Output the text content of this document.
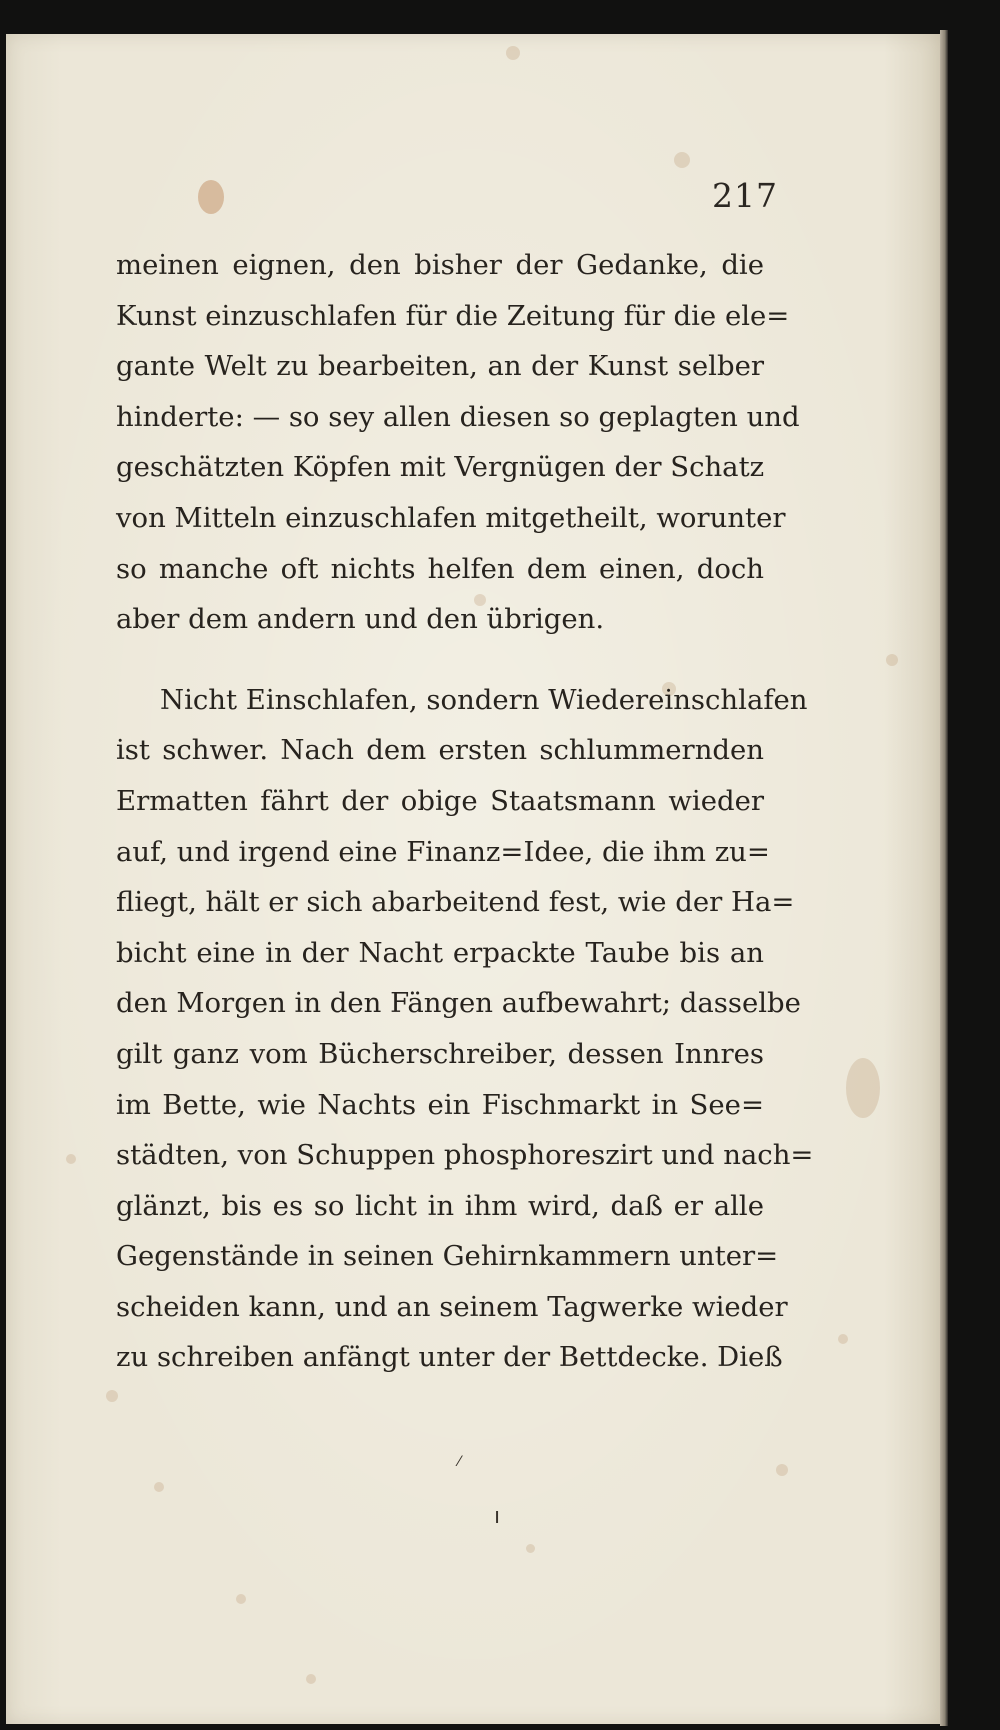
ı
⁄
217
meinen eignen, den bisher der Gedanke, die
Kunst einzuschlafen für die Zeitung für die ele=
gante Welt zu bearbeiten, an der Kunst selber
hinderte: — so sey allen diesen so geplagten und
geschätzten Köpfen mit Vergnügen der Schatz
von Mitteln einzuschlafen mitgetheilt, worunter
so manche oft nichts helfen dem einen, doch
aber dem andern und den übrigen.
Nicht Einschlafen, sondern Wiedereinschlafen
ist schwer. Nach dem ersten schlummernden
Ermatten fährt der obige Staatsmann wieder
auf, und irgend eine Finanz=Idee, die ihm zu=
fliegt, hält er sich abarbeitend fest, wie der Ha=
bicht eine in der Nacht erpackte Taube bis an
den Morgen in den Fängen aufbewahrt; dasselbe
gilt ganz vom Bücherschreiber, dessen Innres
im Bette, wie Nachts ein Fischmarkt in See=
städten, von Schuppen phosphoreszirt und nach=
glänzt, bis es so licht in ihm wird, daß er alle
Gegenstände in seinen Gehirnkammern unter=
scheiden kann, und an seinem Tagwerke wieder
zu schreiben anfängt unter der Bettdecke. Dieß
